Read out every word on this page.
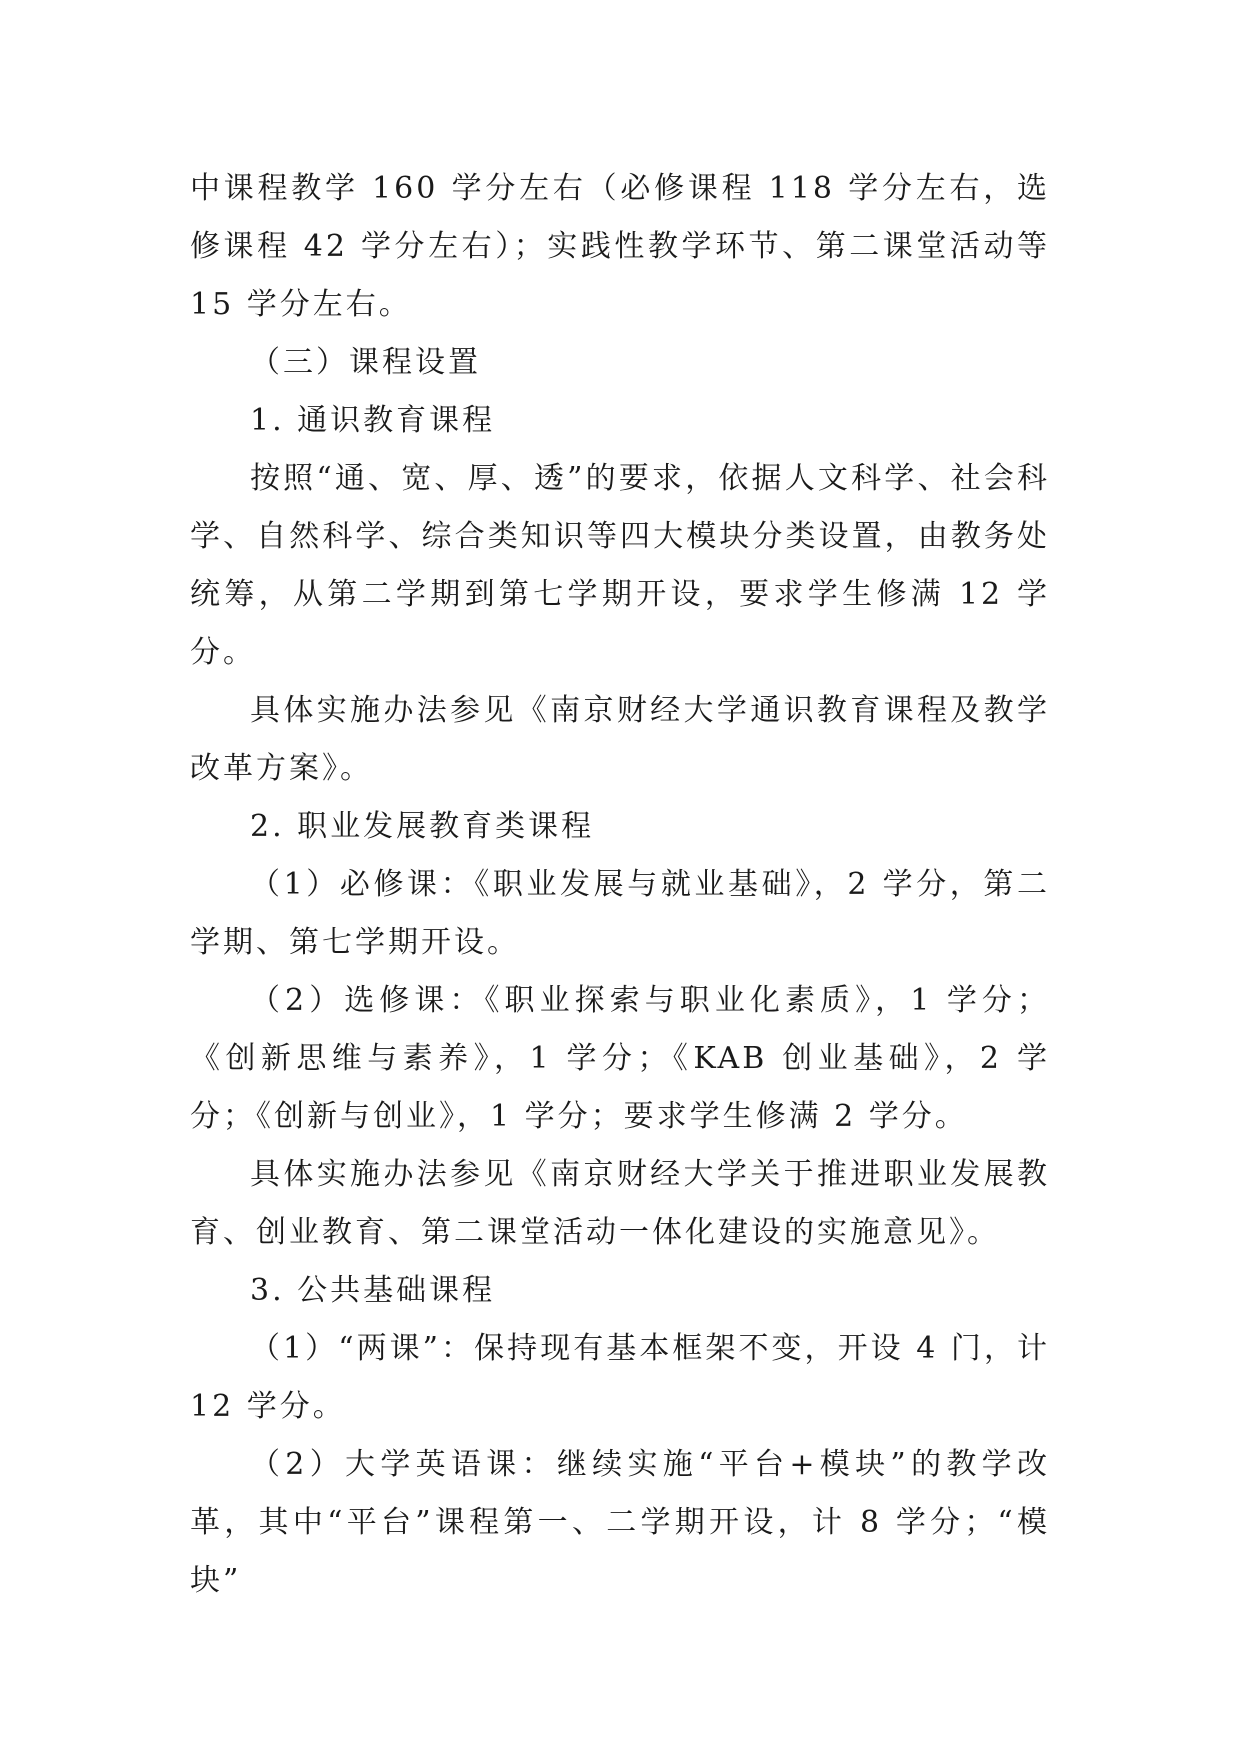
中课程教学 160 学分左右（必修课程 118 学分左右，选修课程 42 学分左右）；实践性教学环节、第二课堂活动等 15 学分左右。

（三）课程设置

1. 通识教育课程

按照“通、宽、厚、透”的要求，依据人文科学、社会科学、自然科学、综合类知识等四大模块分类设置，由教务处统筹，从第二学期到第七学期开设，要求学生修满 12 学分。

具体实施办法参见《南京财经大学通识教育课程及教学改革方案》。

2. 职业发展教育类课程

（1）必修课：《职业发展与就业基础》，2 学分，第二学期、第七学期开设。

（2）选修课：《职业探索与职业化素质》，1 学分；《创新思维与素养》，1 学分；《KAB 创业基础》，2 学分；《创新与创业》，1 学分；要求学生修满 2 学分。

具体实施办法参见《南京财经大学关于推进职业发展教育、创业教育、第二课堂活动一体化建设的实施意见》。

3. 公共基础课程

（1）“两课”：保持现有基本框架不变，开设 4 门，计 12 学分。

（2）大学英语课：继续实施“平台+模块”的教学改革，其中“平台”课程第一、二学期开设，计 8 学分；“模块”
